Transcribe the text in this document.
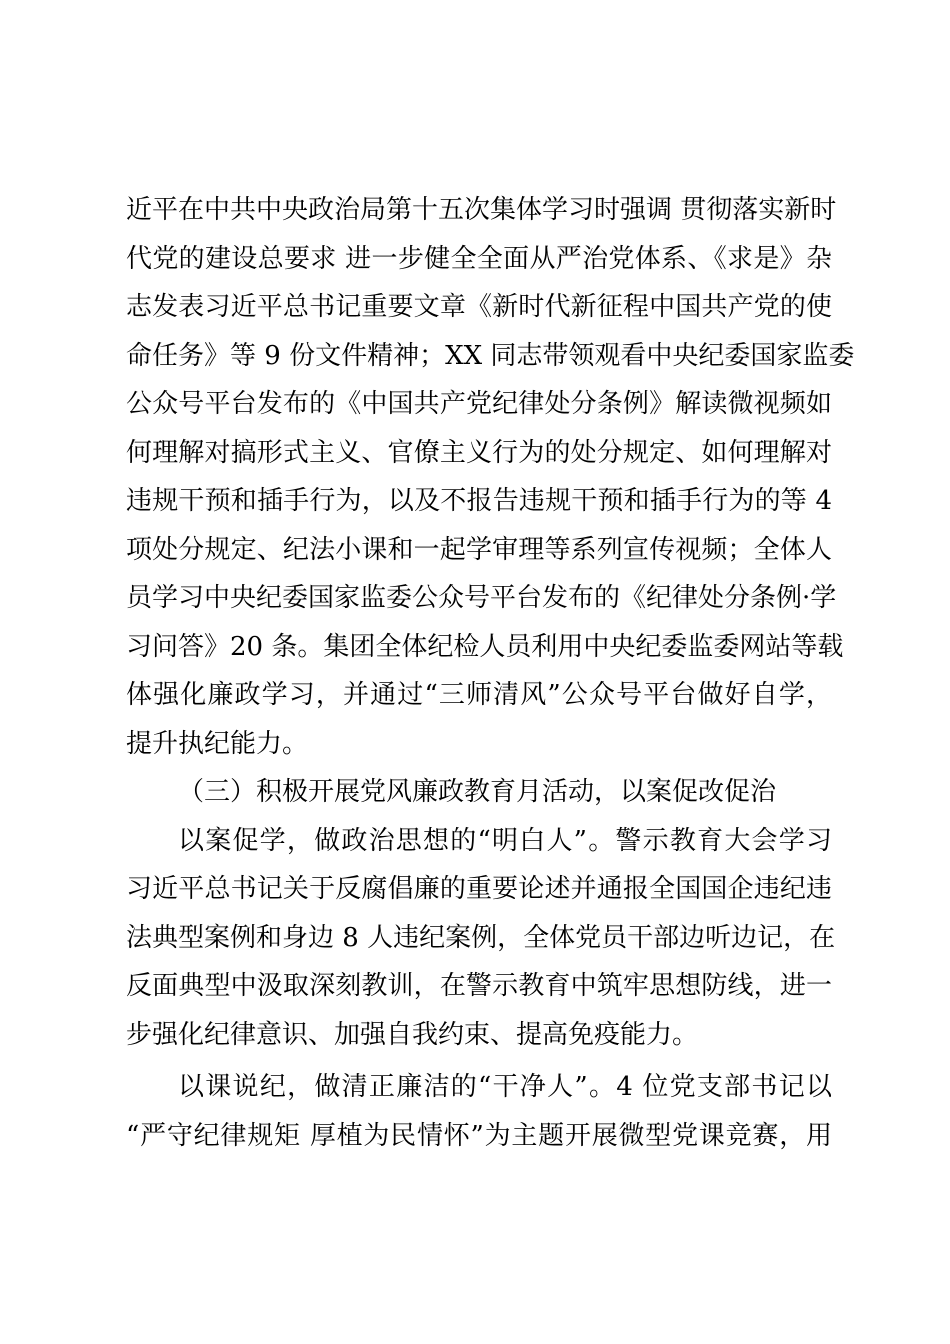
近平在中共中央政治局第十五次集体学习时强调 贯彻落实新时
代党的建设总要求 进一步健全全面从严治党体系、《求是》杂
志发表习近平总书记重要文章《新时代新征程中国共产党的使
命任务》等 9 份文件精神；XX 同志带领观看中央纪委国家监委
公众号平台发布的《中国共产党纪律处分条例》解读微视频如
何理解对搞形式主义、官僚主义行为的处分规定、如何理解对
违规干预和插手行为，以及不报告违规干预和插手行为的等 4
项处分规定、纪法小课和一起学审理等系列宣传视频；全体人
员学习中央纪委国家监委公众号平台发布的《纪律处分条例·学
习问答》20 条。集团全体纪检人员利用中央纪委监委网站等载
体强化廉政学习，并通过“三师清风”公众号平台做好自学，
提升执纪能力。
（三）积极开展党风廉政教育月活动，以案促改促治
以案促学，做政治思想的“明白人”。警示教育大会学习
习近平总书记关于反腐倡廉的重要论述并通报全国国企违纪违
法典型案例和身边 8 人违纪案例，全体党员干部边听边记，在
反面典型中汲取深刻教训，在警示教育中筑牢思想防线，进一
步强化纪律意识、加强自我约束、提高免疫能力。
以课说纪，做清正廉洁的“干净人”。4 位党支部书记以
“严守纪律规矩 厚植为民情怀”为主题开展微型党课竞赛，用
